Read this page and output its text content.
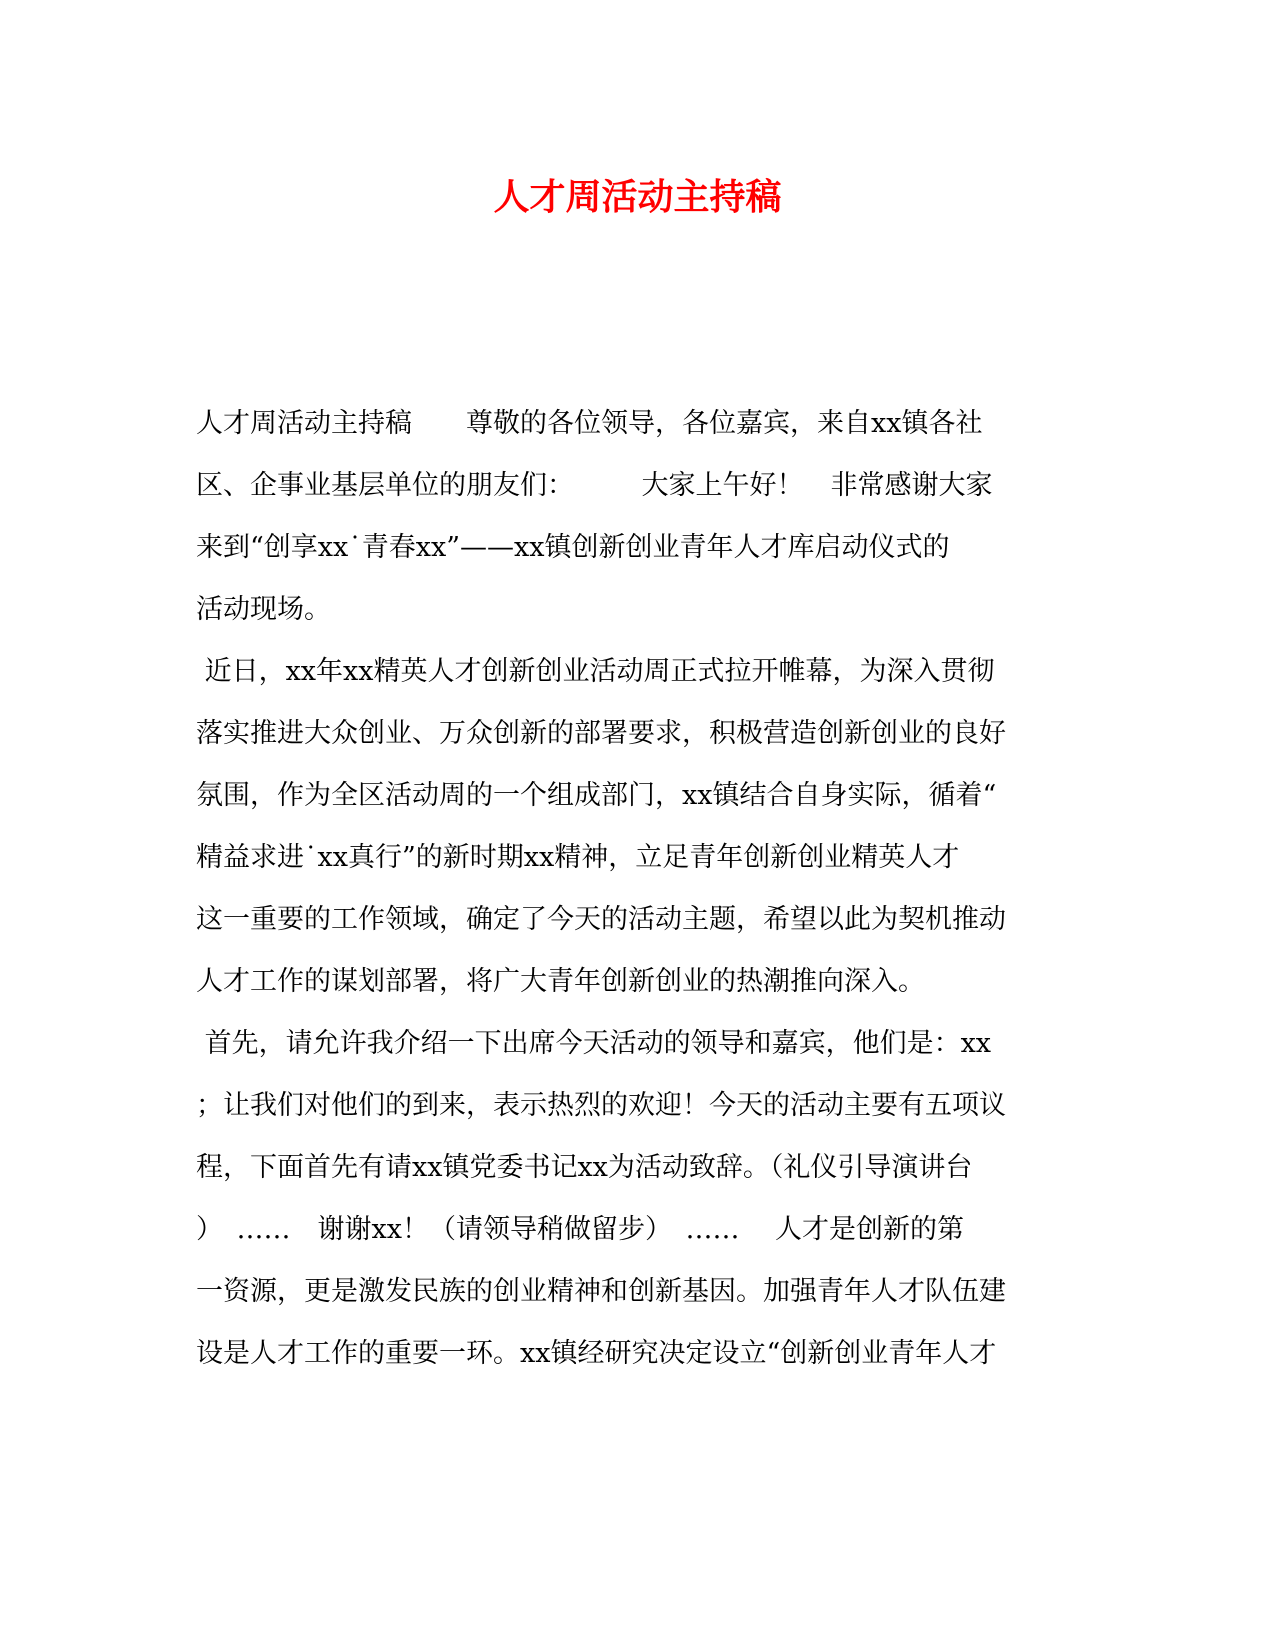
人才周活动主持稿

人才周活动主持稿　　尊敬的各位领导，各位嘉宾，来自xx镇各社

区、企事业基层单位的朋友们：　　　大家上午好！　非常感谢大家

来到“创享xx˙青春xx”——xx镇创新创业青年人才库启动仪式的

活动现场。

近日，xx年xx精英人才创新创业活动周正式拉开帷幕，为深入贯彻

落实推进大众创业、万众创新的部署要求，积极营造创新创业的良好

氛围，作为全区活动周的一个组成部门，xx镇结合自身实际，循着“

精益求进˙xx真行”的新时期xx精神，立足青年创新创业精英人才

这一重要的工作领域，确定了今天的活动主题，希望以此为契机推动

人才工作的谋划部署，将广大青年创新创业的热潮推向深入。

首先，请允许我介绍一下出席今天活动的领导和嘉宾，他们是：xx

；让我们对他们的到来，表示热烈的欢迎！今天的活动主要有五项议

程，下面首先有请xx镇党委书记xx为活动致辞。（礼仪引导演讲台

）　……　谢谢xx！（请领导稍做留步）　……　 人才是创新的第

一资源，更是激发民族的创业精神和创新基因。加强青年人才队伍建

设是人才工作的重要一环。xx镇经研究决定设立“创新创业青年人才
